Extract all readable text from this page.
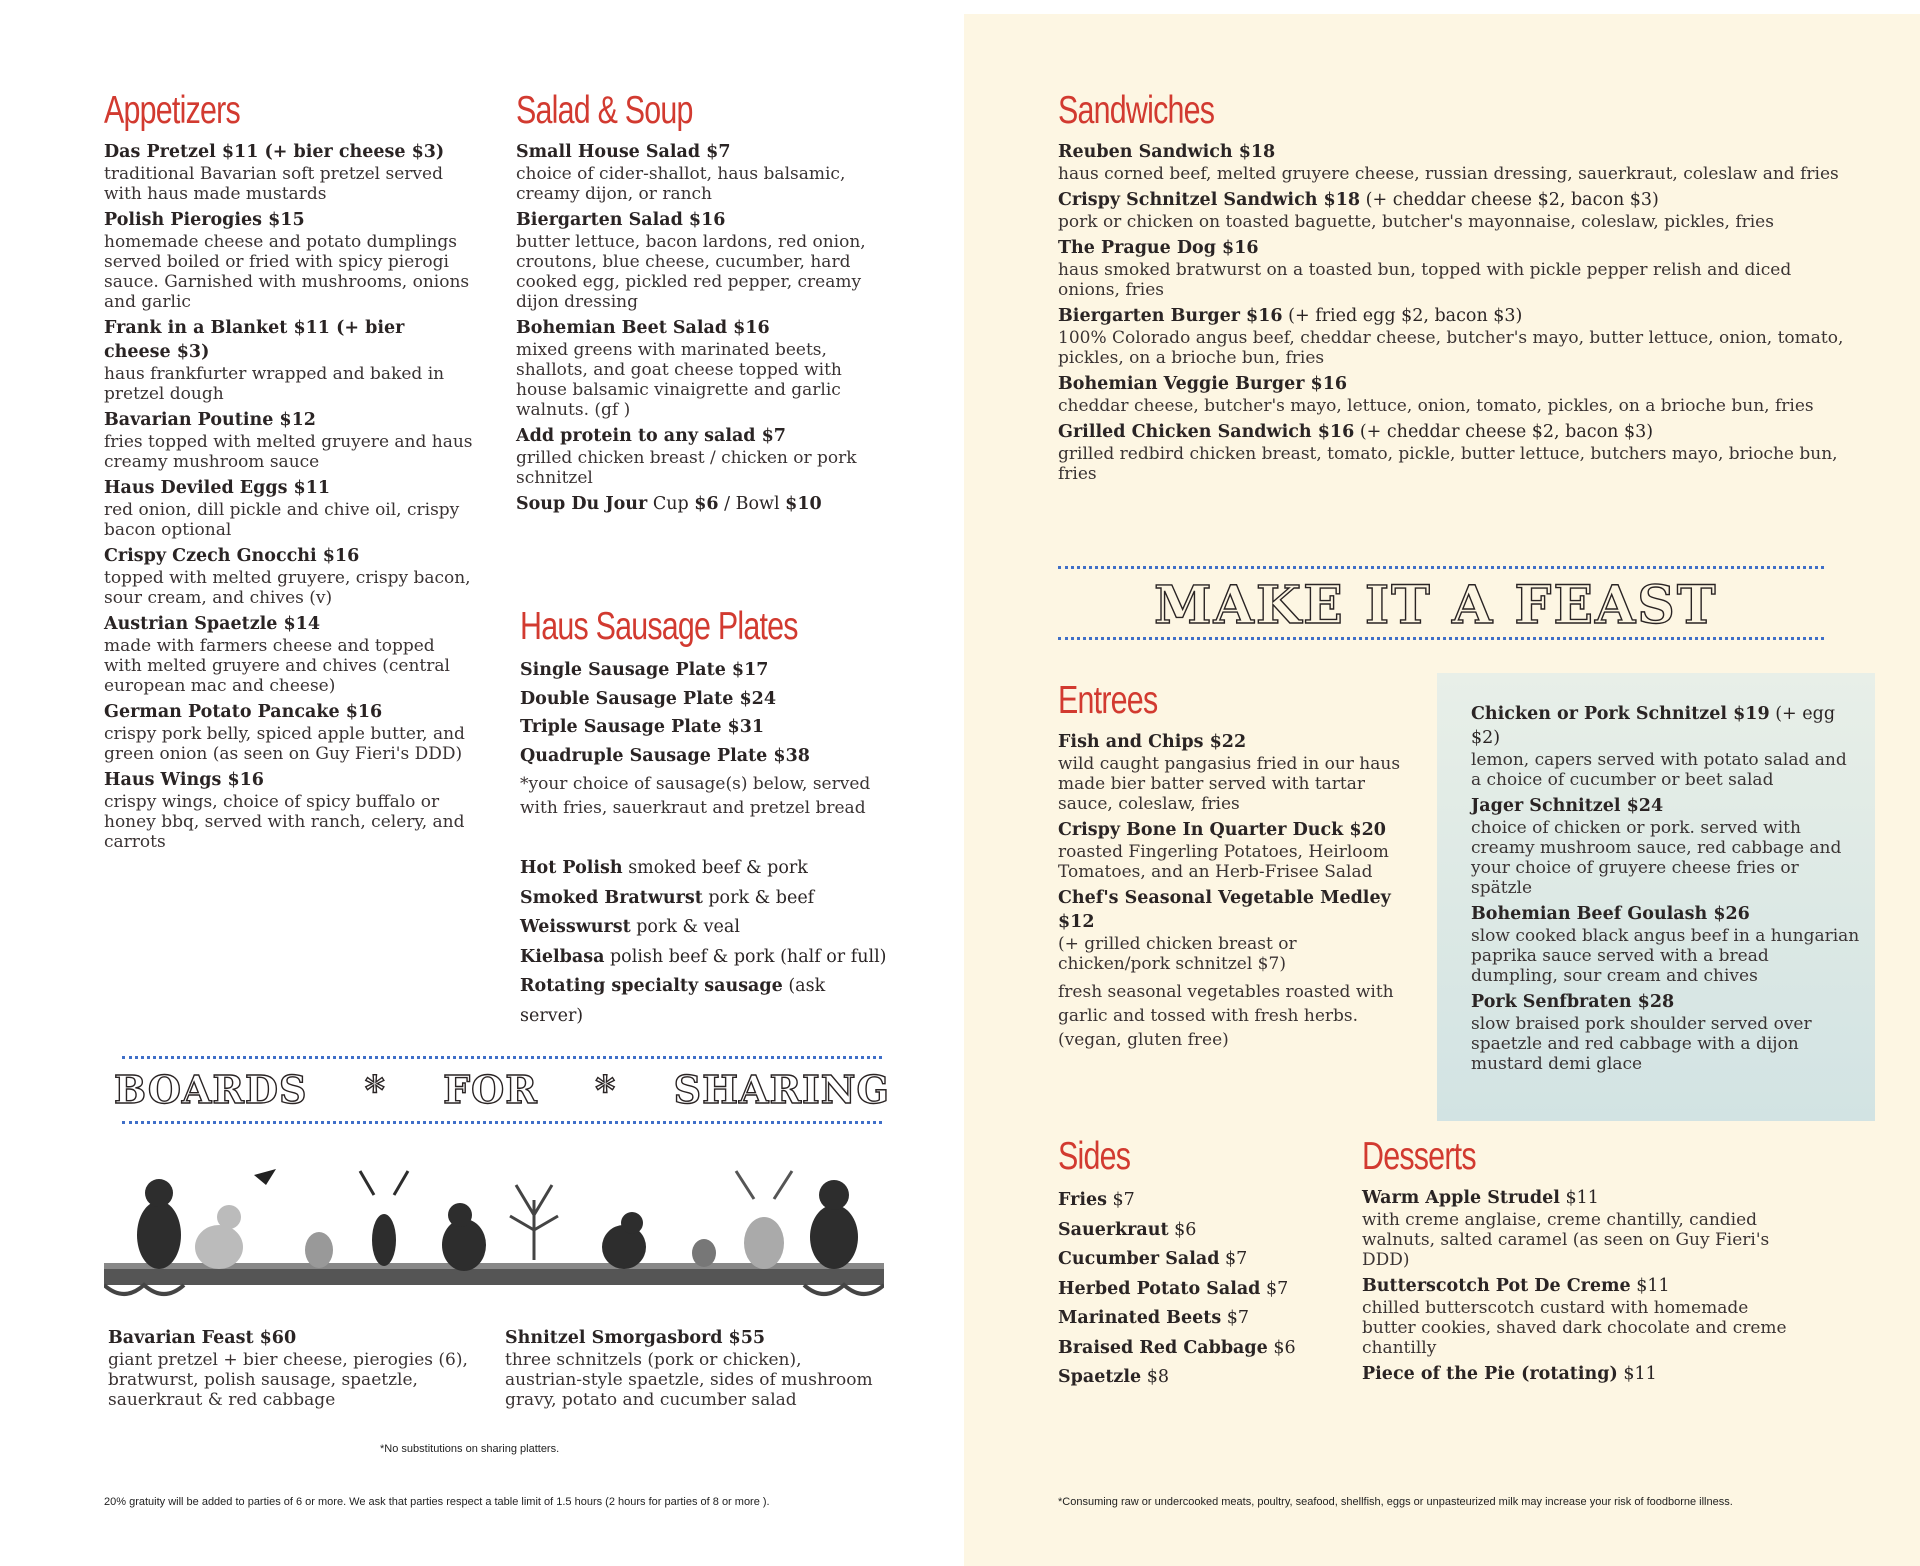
Appetizers
Das Pretzel $11 (+ bier cheese $3)
traditional Bavarian soft pretzel served with haus made mustards
Polish Pierogies $15
homemade cheese and potato dumplings served boiled or fried with spicy pierogi sauce. Garnished with mushrooms, onions and garlic
Frank in a Blanket $11 (+ bier cheese $3)
haus frankfurter wrapped and baked in pretzel dough
Bavarian Poutine $12
fries topped with melted gruyere and haus creamy mushroom sauce
Haus Deviled Eggs $11
red onion, dill pickle and chive oil, crispy bacon optional
Crispy Czech Gnocchi $16
topped with melted gruyere, crispy bacon, sour cream, and chives (v)
Austrian Spaetzle $14
made with farmers cheese and topped with melted gruyere and chives (central european mac and cheese)
German Potato Pancake $16
crispy pork belly, spiced apple butter, and green onion (as seen on Guy Fieri's DDD)
Haus Wings $16
crispy wings, choice of spicy buffalo or honey bbq, served with ranch, celery, and carrots
Salad & Soup
Small House Salad $7
choice of cider-shallot, haus balsamic, creamy dijon, or ranch
Biergarten Salad $16
butter lettuce, bacon lardons, red onion, croutons, blue cheese, cucumber, hard cooked egg, pickled red pepper, creamy dijon dressing
Bohemian Beet Salad $16
mixed greens with marinated beets, shallots, and goat cheese topped with house balsamic vinaigrette and garlic walnuts. (gf )
Add protein to any salad $7
grilled chicken breast / chicken or pork schnitzel
Soup Du Jour Cup $6 / Bowl $10
Haus Sausage Plates
Single Sausage Plate $17
Double Sausage Plate $24
Triple Sausage Plate $31
Quadruple Sausage Plate $38
*your choice of sausage(s) below, served with fries, sauerkraut and pretzel bread
Hot Polish smoked beef & pork
Smoked Bratwurst pork & beef
Weisswurst pork & veal
Kielbasa polish beef & pork (half or full)
Rotating specialty sausage (ask server)
BOARDS * FOR * SHARING
Bavarian Feast $60
giant pretzel + bier cheese, pierogies (6), bratwurst, polish sausage, spaetzle, sauerkraut & red cabbage
Shnitzel Smorgasbord $55
three schnitzels (pork or chicken), austrian-style spaetzle, sides of mushroom gravy, potato and cucumber salad
*No substitutions on sharing platters.
20% gratuity will be added to parties of 6 or more. We ask that parties respect a table limit of 1.5 hours (2 hours for parties of 8 or more ).
Sandwiches
Reuben Sandwich $18
haus corned beef, melted gruyere cheese, russian dressing, sauerkraut, coleslaw and fries
Crispy Schnitzel Sandwich $18 (+ cheddar cheese $2, bacon $3)
pork or chicken on toasted baguette, butcher's mayonnaise, coleslaw, pickles, fries
The Prague Dog $16
haus smoked bratwurst on a toasted bun, topped with pickle pepper relish and diced onions, fries
Biergarten Burger $16 (+ fried egg $2, bacon $3)
100% Colorado angus beef, cheddar cheese, butcher's mayo, butter lettuce, onion, tomato, pickles, on a brioche bun, fries
Bohemian Veggie Burger $16
cheddar cheese, butcher's mayo, lettuce, onion, tomato, pickles, on a brioche bun, fries
Grilled Chicken Sandwich $16 (+ cheddar cheese $2, bacon $3)
grilled redbird chicken breast, tomato, pickle, butter lettuce, butchers mayo, brioche bun, fries
MAKE IT A FEAST
Entrees
Fish and Chips $22
wild caught pangasius fried in our haus made bier batter served with tartar sauce, coleslaw, fries
Crispy Bone In Quarter Duck $20
roasted Fingerling Potatoes, Heirloom Tomatoes, and an Herb-Frisee Salad
Chef's Seasonal Vegetable Medley $12
(+ grilled chicken breast or chicken/pork schnitzel $7)
fresh seasonal vegetables roasted with garlic and tossed with fresh herbs. (vegan, gluten free)
Chicken or Pork Schnitzel $19 (+ egg $2)
lemon, capers served with potato salad and a choice of cucumber or beet salad
Jager Schnitzel $24
choice of chicken or pork. served with creamy mushroom sauce, red cabbage and your choice of gruyere cheese fries or spätzle
Bohemian Beef Goulash $26
slow cooked black angus beef in a hungarian paprika sauce served with a bread dumpling, sour cream and chives
Pork Senfbraten $28
slow braised pork shoulder served over spaetzle and red cabbage with a dijon mustard demi glace
Sides
Fries $7
Sauerkraut $6
Cucumber Salad $7
Herbed Potato Salad $7
Marinated Beets $7
Braised Red Cabbage $6
Spaetzle $8
Desserts
Warm Apple Strudel $11
with creme anglaise, creme chantilly, candied walnuts, salted caramel (as seen on Guy Fieri's DDD)
Butterscotch Pot De Creme $11
chilled butterscotch custard with homemade butter cookies, shaved dark chocolate and creme chantilly
Piece of the Pie (rotating) $11
*Consuming raw or undercooked meats, poultry, seafood, shellfish, eggs or unpasteurized milk may increase your risk of foodborne illness.
